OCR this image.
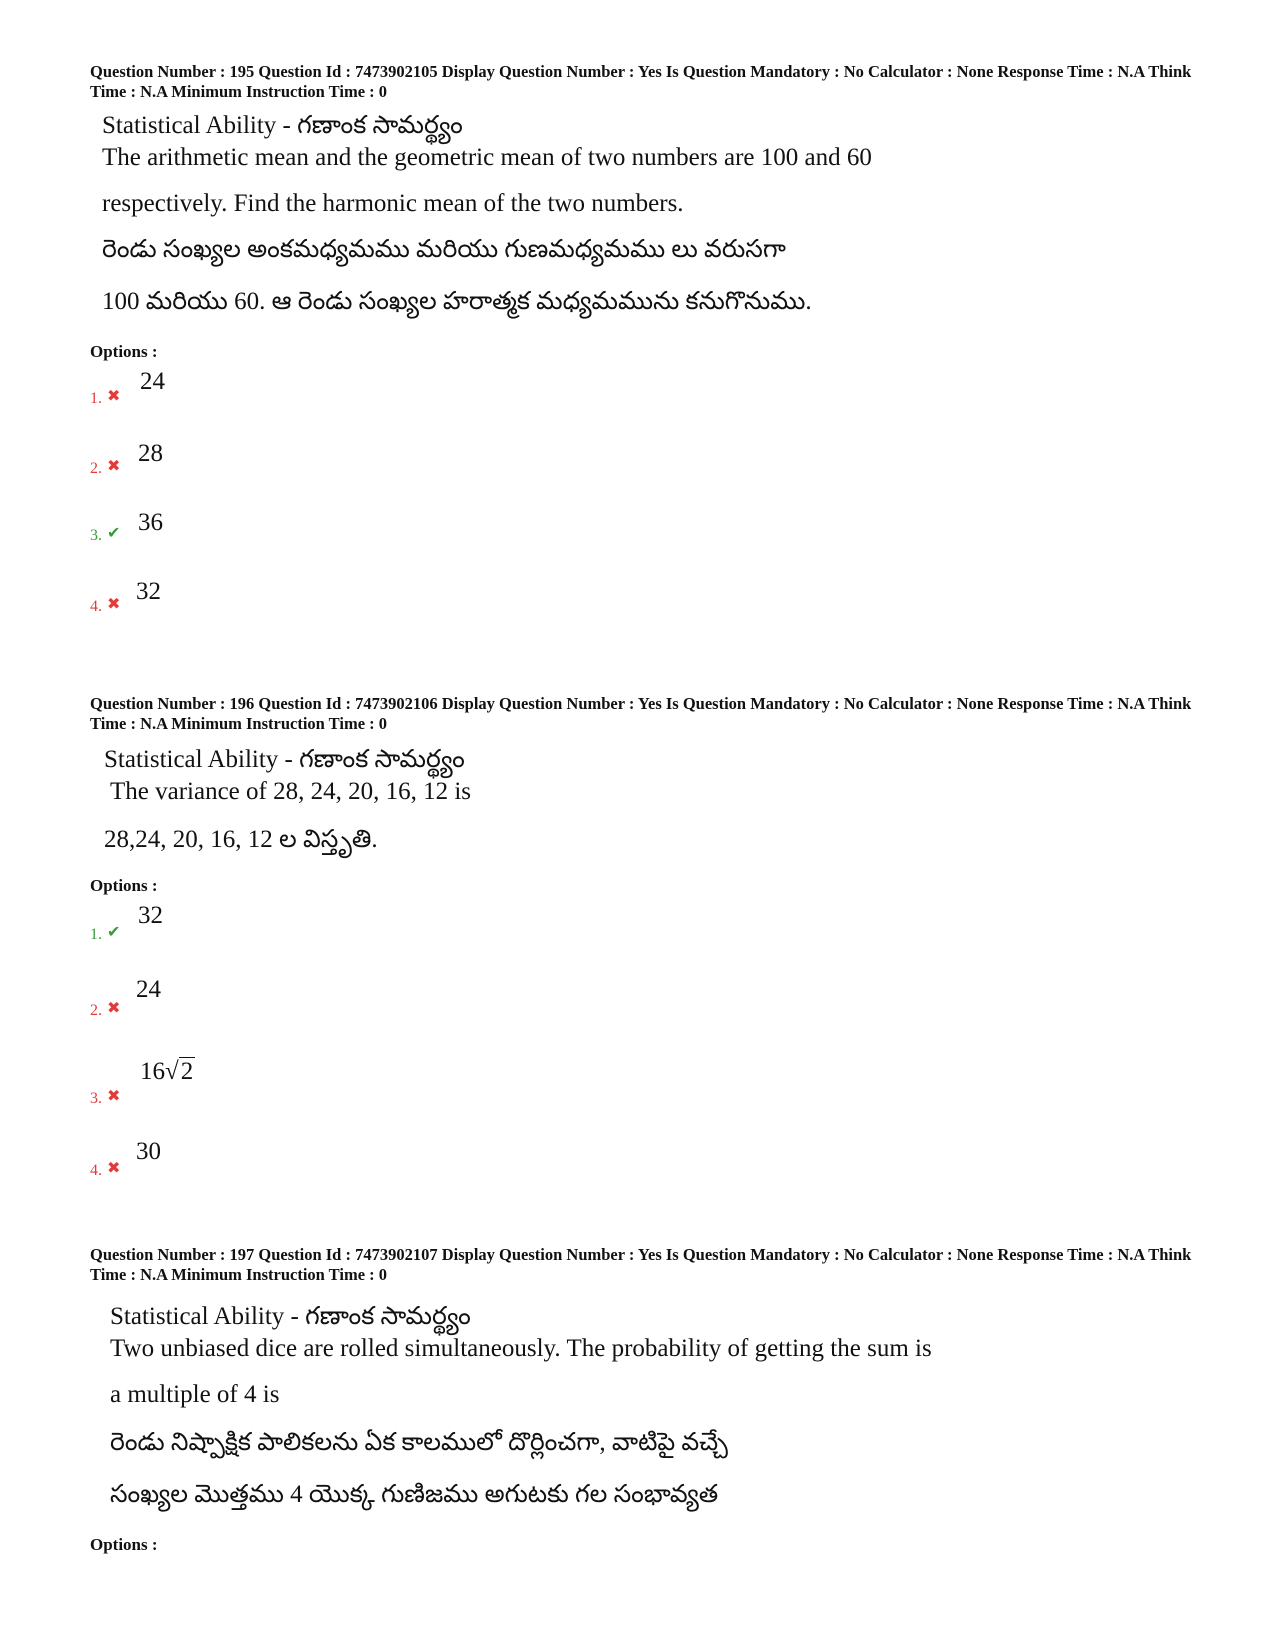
Question Number : 195 Question Id : 7473902105 Display Question Number : Yes Is Question Mandatory : No Calculator : None Response Time : N.A Think Time : N.A Minimum Instruction Time : 0

Statistical Ability - గణాంక సామర్థ్యం
The arithmetic mean and the geometric mean of two numbers are 100 and 60
respectively. Find the harmonic mean of the two numbers.
రెండు సంఖ్యల అంకమధ్యమము మరియు గుణమధ్యమము లు వరుసగా
100 మరియు 60. ఆ రెండు సంఖ్యల హరాత్మక మధ్యమమును కనుగొనుము.
Options :
1. ✖
24
2. ✖ 28
3. ✔ 36
4. ✖ 32

Question Number : 196 Question Id : 7473902106 Display Question Number : Yes Is Question Mandatory : No Calculator : None Response Time : N.A Think Time : N.A Minimum Instruction Time : 0

Statistical Ability - గణాంక సామర్థ్యం
The variance of 28, 24, 20, 16, 12 is
28,24, 20, 16, 12 ల విస్తృతి.
Options :
1. ✔
32
2. ✖
24
3. ✖
16√2
4. ✖
30

Question Number : 197 Question Id : 7473902107 Display Question Number : Yes Is Question Mandatory : No Calculator : None Response Time : N.A Think Time : N.A Minimum Instruction Time : 0

Statistical Ability - గణాంక సామర్థ్యం
Two unbiased dice are rolled simultaneously. The probability of getting the sum is
a multiple of 4 is
రెండు నిష్పాక్షిక పాలికలను ఏక కాలములో దొర్లించగా, వాటిపై వచ్చే
సంఖ్యల మొత్తము 4 యొక్క గుణిజము అగుటకు గల సంభావ్యత
Options :
